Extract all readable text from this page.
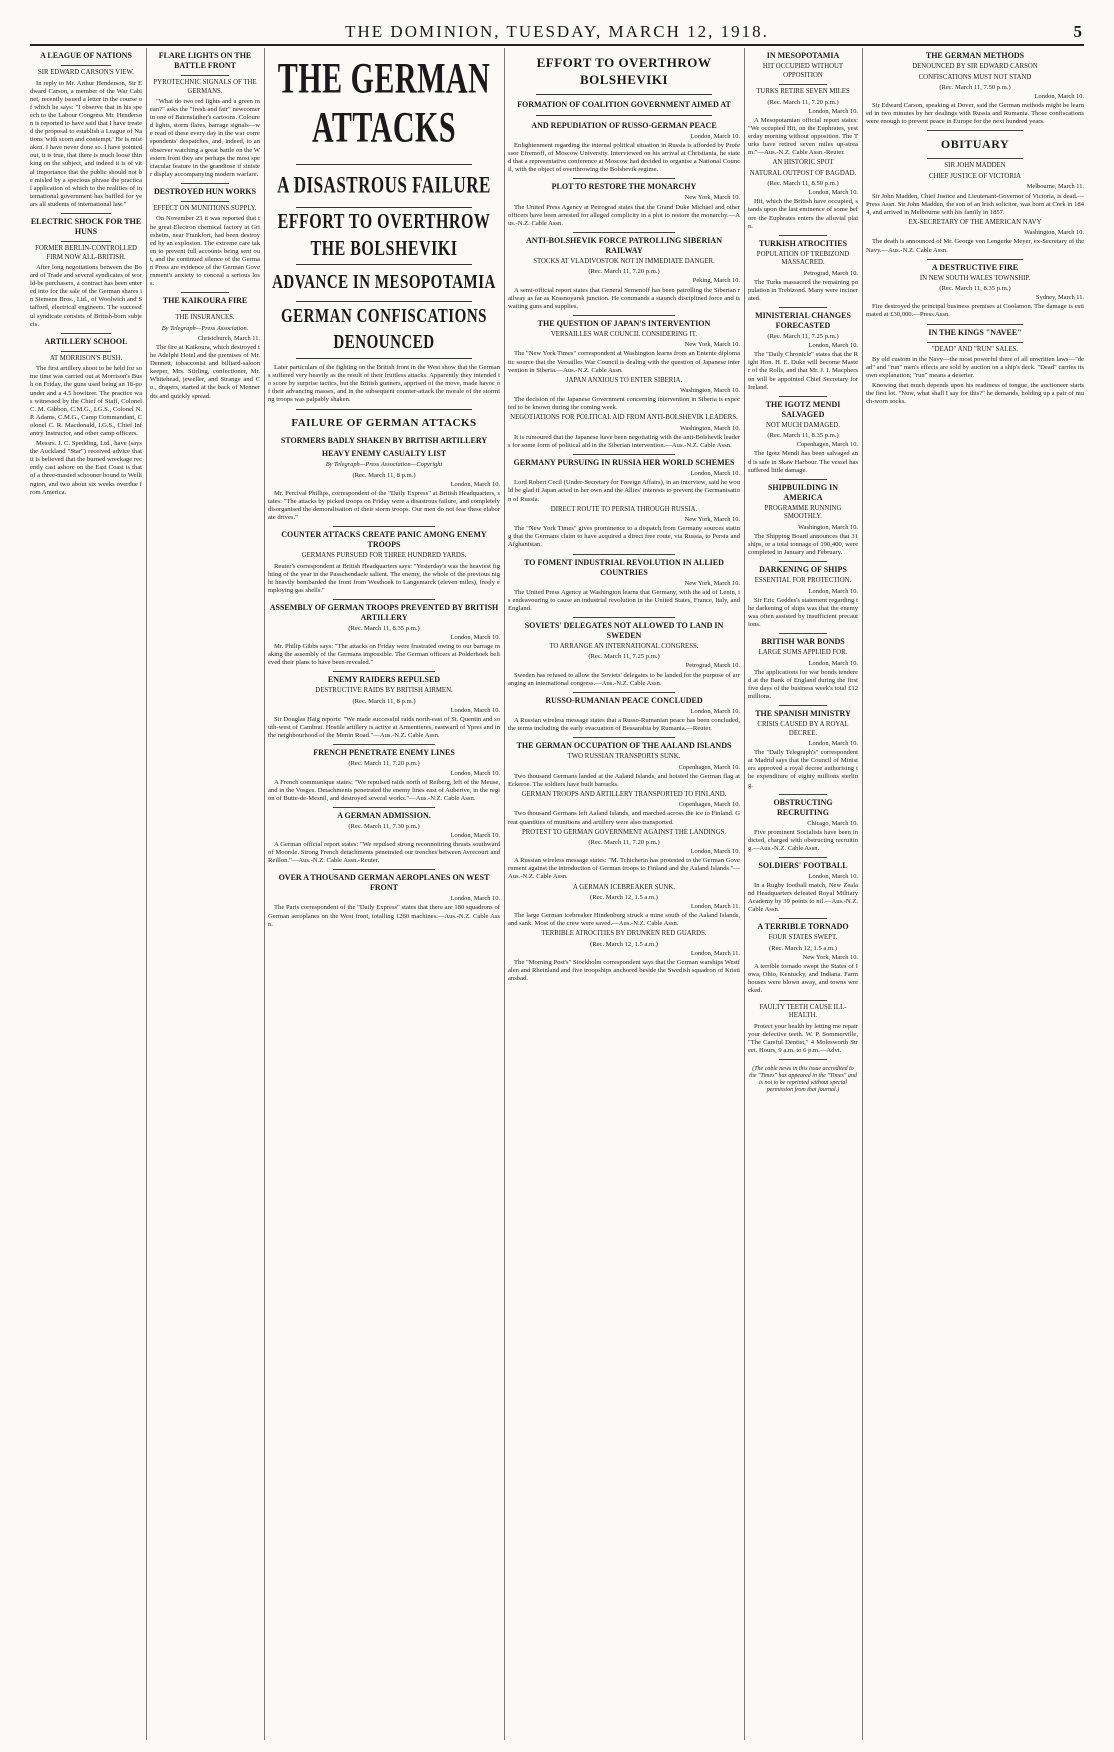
THE DOMINION, TUESDAY, MARCH 12, 1918.	5
A LEAGUE OF NATIONS
SIR EDWARD CARSON'S VIEW.

In reply to Mr. Arthur Henderson, Sir Edward Carson, a member of the War Cabinet, recently issued a letter in the course of which he says: "I observe that in his speech to the Labour Congress Mr. Henderson is reported to have said that I have treated the proposal to establish a League of Nations 'with scorn and contempt.' He is mistaken. I have never done so. I have pointed out, it is true, that there is much loose thinking on the subject, and indeed it is of vital importance that the public should not be misled by a specious phrase the practical application of which to the realities of international government has baffled for years all students of international law."

ELECTRIC SHOCK FOR THE HUNS
FORMER BERLIN-CONTROLLED FIRM NOW ALL-BRITISH.

After long negotiations between the Board of Trade and several syndicates of world-be purchasers, a contract has been entered into for the sale of the German shares in Siemens Bros., Ltd., of Woolwich and Stafford, electrical engineers. The successful syndicate consists of British-born subjects.

ARTILLERY SCHOOL
AT MORRISON'S BUSH.

The first artillery shoot to be held for some time was carried out at Morrison's Bush on Friday, the guns used being an 18-pounder and a 4.5 howitzer. The practice was witnessed by the Chief of Staff, Colonel C. M. Gibbon, C.M.G., I.G.S., Colonel N. P. Adams, C.M.G., Camp Commandant, Colonel C. R. Macdonald, I.G.S., Chief Infantry Instructor, and other camp officers.

Messrs. J. C. Spedding, Ltd., have (says the Auckland "Star") received advice that it is believed that the burned wreckage recently cast ashore on the East Coast is that of a three-masted schooner bound to Wellington, and two about six weeks overdue from America.

FLARE LIGHTS ON THE BATTLE FRONT
PYROTECHNIC SIGNALS OF THE GERMANS.

"What do two red lights and a green mean?" asks the "fresh and fair" newcomer in one of Bairnsfather's cartoons. Coloured lights, storm flares, barrage signals—we read of these every day in the war correspondents' despatches, and, indeed, to an observer watching a great battle on the Western front they are perhaps the most spectacular feature in the grandiose if sinister display accompanying modern warfare.

DESTROYED HUN WORKS
EFFECT ON MUNITIONS SUPPLY.

On November 23 it was reported that the great Electron chemical factory at Griesheim, near Frankfort, had been destroyed by an explosion. The extreme care taken to prevent full accounts being sent out, and the continued silence of the German Press are evidence of the German Government's anxiety to conceal a serious loss.

THE KAIKOURA FIRE
THE INSURANCES.
By Telegraph—Press Association.
Christchurch, March 11.

The fire at Kaikoura, which destroyed the Adelphi Hotel and the premises of Mr. Dennett, tobacconist and billiard-saloon keeper, Mrs. Stirling, confectioner, Mr. Whitehead, jeweller, and Strange and Co., drapers, started at the back of Mennerdts and quickly spread.

THE GERMAN ATTACKS
A DISASTROUS FAILURE
EFFORT TO OVERTHROW THE BOLSHEVIKI
ADVANCE IN MESOPOTAMIA
GERMAN CONFISCATIONS DENOUNCED

Later particulars of the fighting on the British front in the West show that the Germans suffered very heavily as the result of their fruitless attacks. Apparently they intended to score by surprise tactics, but the British gunners, apprised of the move, made havoc of their advancing masses, and in the subsequent counter-attack the morale of the storming troops was palpably shaken.

FAILURE OF GERMAN ATTACKS
STORMERS BADLY SHAKEN BY BRITISH ARTILLERY
HEAVY ENEMY CASUALTY LIST
By Telegraph—Press Association—Copyright
(Rec. March 11, 8 p.m.)
London, March 10.

Mr. Percival Phillips, correspondent of the "Daily Express" at British Headquarters, states: "The attacks by picked troops on Friday were a disastrous failure, and completely disorganised the demoralisation of their storm troops. Our men do not fear these elaborate drives."

COUNTER ATTACKS CREATE PANIC AMONG ENEMY TROOPS
GERMANS PURSUED FOR THREE HUNDRED YARDS.

Reuter's correspondent at British Headquarters says: "Yesterday's was the heaviest fighting of the year in the Passchendaele salient. The enemy, the whole of the previous night heavily bombarded the front from Westhoek to Langemarck (eleven miles), freely employing gas shells."

ASSEMBLY OF GERMAN TROOPS PREVENTED BY BRITISH ARTILLERY
(Rec. March 11, 8.35 p.m.)
London, March 10.

Mr. Philip Gibbs says: "The attacks on Friday were frustrated owing to our barrage making the assembly of the Germans impossible. The German officers at Polderhoek believed their plans to have been revealed."

ENEMY RAIDERS REPULSED
DESTRUCTIVE RAIDS BY BRITISH AIRMEN.
(Rec. March 11, 8 p.m.)
London, March 10.

Sir Douglas Haig reports: "We made successful raids north-east of St. Quentin and south-west of Cambrai. Hostile artillery is active at Armentieres, eastward of Ypres and in the neighbourhood of the Menin Road."—Aus.-N.Z. Cable Assn.

FRENCH PENETRATE ENEMY LINES
(Rec. March 11, 7.20 p.m.)
London, March 10.

A French communique states: "We repulsed raids north of Reiberg, left of the Meuse, and in the Vosges. Detachments penetrated the enemy lines east of Auberive, in the region of Butte-de-Mesnil, and destroyed several works."—Aus.-N.Z. Cable Assn.

A GERMAN ADMISSION.
(Rec. March 11, 7.30 p.m.)
London, March 10.

A German official report states: "We repulsed strong reconnoitring thrusts southward of Moorsle. Strong French detachments penetrated our trenches between Avrecourt and Reillon."—Aus.-N.Z. Cable Assn.-Reuter.

OVER A THOUSAND GERMAN AEROPLANES ON WEST FRONT
London, March 10.

The Paris correspondent of the "Daily Express" states that there are 180 squadrons of German aeroplanes on the West front, totalling 1260 machines.—Aus.-N.Z. Cable Assn.

EFFORT TO OVERTHROW BOLSHEVIKI
FORMATION OF COALITION GOVERNMENT AIMED AT
AND REPUDIATION OF RUSSO-GERMAN PEACE
London, March 10.

Enlightenment regarding the internal political situation in Russia is afforded by Professor Efremoff, of Moscow University. Interviewed on his arrival at Christiania, he stated that a representative conference at Moscow had decided to organise a National Council, with the object of overthrowing the Bolshevik regime.

PLOT TO RESTORE THE MONARCHY
New York, March 10.

The United Press Agency at Petrograd states that the Grand Duke Michael and other officers have been arrested for alleged complicity in a plot to restore the monarchy.—Aus.-N.Z. Cable Assn.

ANTI-BOLSHEVIK FORCE PATROLLING SIBERIAN RAILWAY
STOCKS AT VLADIVOSTOK NOT IN IMMEDIATE DANGER.
(Rec. March 11, 7.20 p.m.)
Peking, March 10.

A semi-official report states that General Semenoff has been patrolling the Siberian railway as far as Krasnoyarsk junction. He commands a staunch disciplined force and is waiting guns and supplies.

THE QUESTION OF JAPAN'S INTERVENTION
VERSAILLES WAR COUNCIL CONSIDERING IT.
New York, March 10.

The "New York Times" correspondent at Washington learns from an Entente diplomatic source that the Versailles War Council is dealing with the question of Japanese intervention in Siberia.—Aus.-N.Z. Cable Assn.

JAPAN ANXIOUS TO ENTER SIBERIA.
Washington, March 10.

The decision of the Japanese Government concerning intervention in Siberia is expected to be known during the coming week.

NEGOTIATIONS FOR POLITICAL AID FROM ANTI-BOLSHEVIK LEADERS.
Washington, March 10.

It is rumoured that the Japanese have been negotiating with the anti-Bolshevik leaders for some form of political aid in the Siberian intervention.—Aus.-N.Z. Cable Assn.

GERMANY PURSUING IN RUSSIA HER WORLD SCHEMES
London, March 10.

Lord Robert Cecil (Under-Secretary for Foreign Affairs), in an interview, said he would be glad if Japan acted in her own and the Allies' interests to prevent the Germanisation of Russia.

DIRECT ROUTE TO PERSIA THROUGH RUSSIA.
New York, March 10.

The "New York Times" gives prominence to a dispatch from Germany sources stating that the Germans claim to have acquired a direct free route, via Russia, to Persia and Afghanistan.

TO FOMENT INDUSTRIAL REVOLUTION IN ALLIED COUNTRIES
New York, March 10.

The United Press Agency at Washington learns that Germany, with the aid of Lenin, is endeavouring to cause an industrial revolution in the United States, France, Italy, and England.

SOVIETS' DELEGATES NOT ALLOWED TO LAND IN SWEDEN
TO ARRANGE AN INTERNATIONAL CONGRESS.
(Rec. March 11, 7.25 p.m.)
Petrograd, March 10.

Sweden has refused to allow the Soviets' delegates to be landed for the purpose of arranging an international congress.—Aus.-N.Z. Cable Assn.

RUSSO-RUMANIAN PEACE CONCLUDED
London, March 10.

A Russian wireless message states that a Russo-Rumanian peace has been concluded, the terms including the early evacuation of Bessarabia by Rumania.—Reuter.

THE GERMAN OCCUPATION OF THE AALAND ISLANDS
TWO RUSSIAN TRANSPORTS SUNK.
Copenhagen, March 10.

Two thousand Germans landed at the Aaland Islands, and hoisted the German flag at Eckeroe. The soldiers have built barracks.

GERMAN TROOPS AND ARTILLERY TRANSPORTED TO FINLAND.
Copenhagen, March 10.

Two thousand Germans left Aaland Islands, and marched across the ice to Finland. Great quantities of munitions and artillery were also transported.

PROTEST TO GERMAN GOVERNMENT AGAINST THE LANDINGS.
(Rec. March 11, 7.20 p.m.)
London, March 10.

A Russian wireless message states: "M. Tchicherin has protested to the German Government against the introduction of German troops to Finland and the Aaland Islands."—Aus.-N.Z. Cable Assn.

A GERMAN ICEBREAKER SUNK.
(Rec. March 12, 1.5 a.m.)
London, March 11.

The large German icebreaker Hindenburg struck a mine south of the Aaland Islands, and sank. Most of the crew were saved.—Aus.-N.Z. Cable Assn.

TERRIBLE ATROCITIES BY DRUNKEN RED GUARDS.
(Rec. March 12, 1.5 a.m.)
London, March 11.

The "Morning Post's" Stockholm correspondent says that the German warships Westfalen and Rheinland and five troopships anchored beside the Swedish squadron of Kristiansbad.

IN MESOPOTAMIA
HIT OCCUPIED WITHOUT OPPOSITION
TURKS RETIRE SEVEN MILES
(Rec. March 11, 7.20 p.m.)
London, March 10.

A Mesopotamian official report states: "We occupied Hit, on the Euphrates, yesterday morning without opposition. The Turks have retired seven miles up-stream."—Aus.-N.Z. Cable Assn.-Reuter.

AN HISTORIC SPOT
NATURAL OUTPOST OF BAGDAD.
(Rec. March 11, 8.50 p.m.)
London, March 10.

Hit, which the British have occupied, stands upon the last eminence of some before the Euphrates enters the alluvial plain.

TURKISH ATROCITIES
POPULATION OF TREBIZOND MASSACRED.
Petrograd, March 10.

The Turks massacred the remaining population in Trebizond. Many were incinerated.

MINISTERIAL CHANGES FORECASTED
(Rec. March 11, 7.25 p.m.)
London, March 10.

The "Daily Chronicle" states that the Right Hon. H. E. Duke will become Master of the Rolls, and that Mr. J. I. Macpherson will be appointed Chief Secretary for Ireland.

THE IGOTZ MENDI SALVAGED
NOT MUCH DAMAGED.
(Rec. March 11, 8.35 p.m.)
Copenhagen, March 10.

The Igotz Mendi has been salvaged and is safe in Skaw Harbour. The vessel has suffered little damage.

SHIPBUILDING IN AMERICA
PROGRAMME RUNNING SMOOTHLY.
Washington, March 10.

The Shipping Board announces that 31 ships, or a total tonnage of 190,400, were completed in January and February.

DARKENING OF SHIPS
ESSENTIAL FOR PROTECTION.
London, March 10.

Sir Eric Geddes's statement regarding the darkening of ships was that the enemy was often assisted by insufficient precautions.

BRITISH WAR BONDS
LARGE SUMS APPLIED FOR.
London, March 10.

The applications for war bonds tendered at the Bank of England during the first five days of the business week's total £12 millions.

THE SPANISH MINISTRY
CRISIS CAUSED BY A ROYAL DECREE.
London, March 10.

The "Daily Telegraph's" correspondent at Madrid says that the Council of Ministers approved a royal decree authorising the expenditure of eighty millions sterling.

OBSTRUCTING RECRUITING
Chicago, March 10.

Five prominent Socialists have been indicted, charged with obstructing recruiting.—Aus.-N.Z. Cable Assn.

SOLDIERS' FOOTBALL
London, March 10.

In a Rugby football match, New Zealand Headquarters defeated Royal Military Academy by 39 points to nil.—Aus.-N.Z. Cable Assn.

A TERRIBLE TORNADO
FOUR STATES SWEPT.
(Rec. March 12, 1.5 a.m.)
New York, March 10.

A terrible tornado swept the States of Iowa, Ohio, Kentucky, and Indiana. Farmhouses were blown away, and towns wrecked.

FAULTY TEETH CAUSE ILL-HEALTH.

Protect your health by letting me repair your defective teeth. W. P. Sommerville, "The Careful Dentist," 4 Molesworth Street. Hours, 9 a.m. to 6 p.m.—Advt.

(The cable news in this issue accredited to the "Times" has appeared in the "Times" and is not to be reprinted without special permission from that journal.)

THE GERMAN METHODS
DENOUNCED BY SIR EDWARD CARSON
CONFISCATIONS MUST NOT STAND
(Rec. March 11, 7.50 p.m.)
London, March 10.

Sir Edward Carson, speaking at Dover, said the German methods might be learned in two minutes by her dealings with Russia and Rumania. Those confiscations were enough to prevent peace in Europe for the next hundred years.

OBITUARY
SIR JOHN MADDEN
CHIEF JUSTICE OF VICTORIA
Melbourne, March 11.

Sir John Madden, Chief Justice and Lieutenant-Governor of Victoria, is dead.—Press Assn. Sir John Madden, the son of an Irish solicitor, was born at Cork in 1844, and arrived in Melbourne with his family in 1857.

EX-SECRETARY OF THE AMERICAN NAVY
Washington, March 10.

The death is announced of Mr. George von Lengerke Meyer, ex-Secretary of the Navy.—Aus.-N.Z. Cable Assn.

A DESTRUCTIVE FIRE
IN NEW SOUTH WALES TOWNSHIP.
(Rec. March 11, 8.35 p.m.)
Sydney, March 11.

Fire destroyed the principal business premises at Coolamon. The damage is estimated at £30,000.—Press Assn.

IN THE KINGS "NAVEE"
"DEAD" AND "RUN" SALES.

By old custom in the Navy—the most powerful there of all unwritten laws—"dead" and "run" men's effects are sold by auction on a ship's deck. "Dead" carries its own explanation; "run" means a deserter.

Knowing that much depends upon his readiness of tongue, the auctioneer starts the first lot. "Now, what shall I say for this?" he demands, holding up a pair of much-worn socks.
